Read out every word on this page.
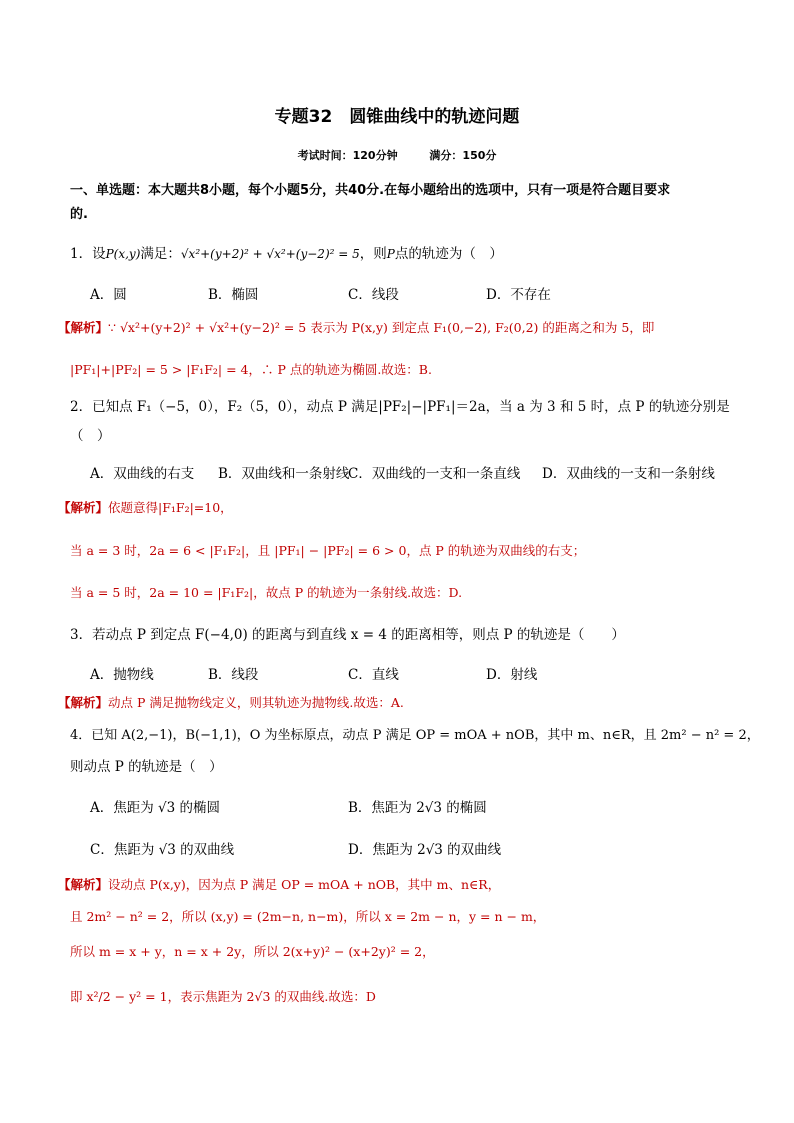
专题32　圆锥曲线中的轨迹问题
考试时间：120分钟	满分：150分
一、单选题：本大题共8小题，每个小题5分，共40分.在每小题给出的选项中，只有一项是符合题目要求
的.
1．设P(x,y)满足：√x²+(y+2)² + √x²+(y−2)² = 5，则P点的轨迹为（　）
A．圆	B．椭圆	C．线段	D．不存在
【解析】∵ √x²+(y+2)² + √x²+(y−2)² = 5 表示为 P(x,y) 到定点 F₁(0,−2), F₂(0,2) 的距离之和为 5，即
|PF₁|+|PF₂| = 5 > |F₁F₂| = 4，∴ P 点的轨迹为椭圆.故选：B.
2．已知点 F₁（−5，0），F₂（5，0），动点 P 满足|PF₂|−|PF₁|＝2a，当 a 为 3 和 5 时，点 P 的轨迹分别是
（　）
A．双曲线的右支 B．双曲线和一条射线
C．双曲线的一支和一条直线 D．双曲线的一支和一条射线
【解析】依题意得|F₁F₂|=10，
当 a = 3 时，2a = 6 < |F₁F₂|，且 |PF₁| − |PF₂| = 6 > 0，点 P 的轨迹为双曲线的右支；
当 a = 5 时，2a = 10 = |F₁F₂|，故点 P 的轨迹为一条射线.故选：D.
3．若动点 P 到定点 F(−4,0) 的距离与到直线 x = 4 的距离相等，则点 P 的轨迹是（　　）
A．抛物线	B．线段	C．直线	D．射线
【解析】动点 P 满足抛物线定义，则其轨迹为抛物线.故选：A.
4．已知 A(2,−1)，B(−1,1)，O 为坐标原点，动点 P 满足 OP = mOA + nOB，其中 m、n∈R，且 2m² − n² = 2，
则动点 P 的轨迹是（　）
A．焦距为 √3 的椭圆	B．焦距为 2√3 的椭圆
C．焦距为 √3 的双曲线	D．焦距为 2√3 的双曲线
【解析】设动点 P(x,y)，因为点 P 满足 OP = mOA + nOB，其中 m、n∈R，
且 2m² − n² = 2，所以 (x,y) = (2m−n, n−m)，所以 x = 2m − n，y = n − m，
所以 m = x + y，n = x + 2y，所以 2(x+y)² − (x+2y)² = 2，
即 x²/2 − y² = 1，表示焦距为 2√3 的双曲线.故选：D
